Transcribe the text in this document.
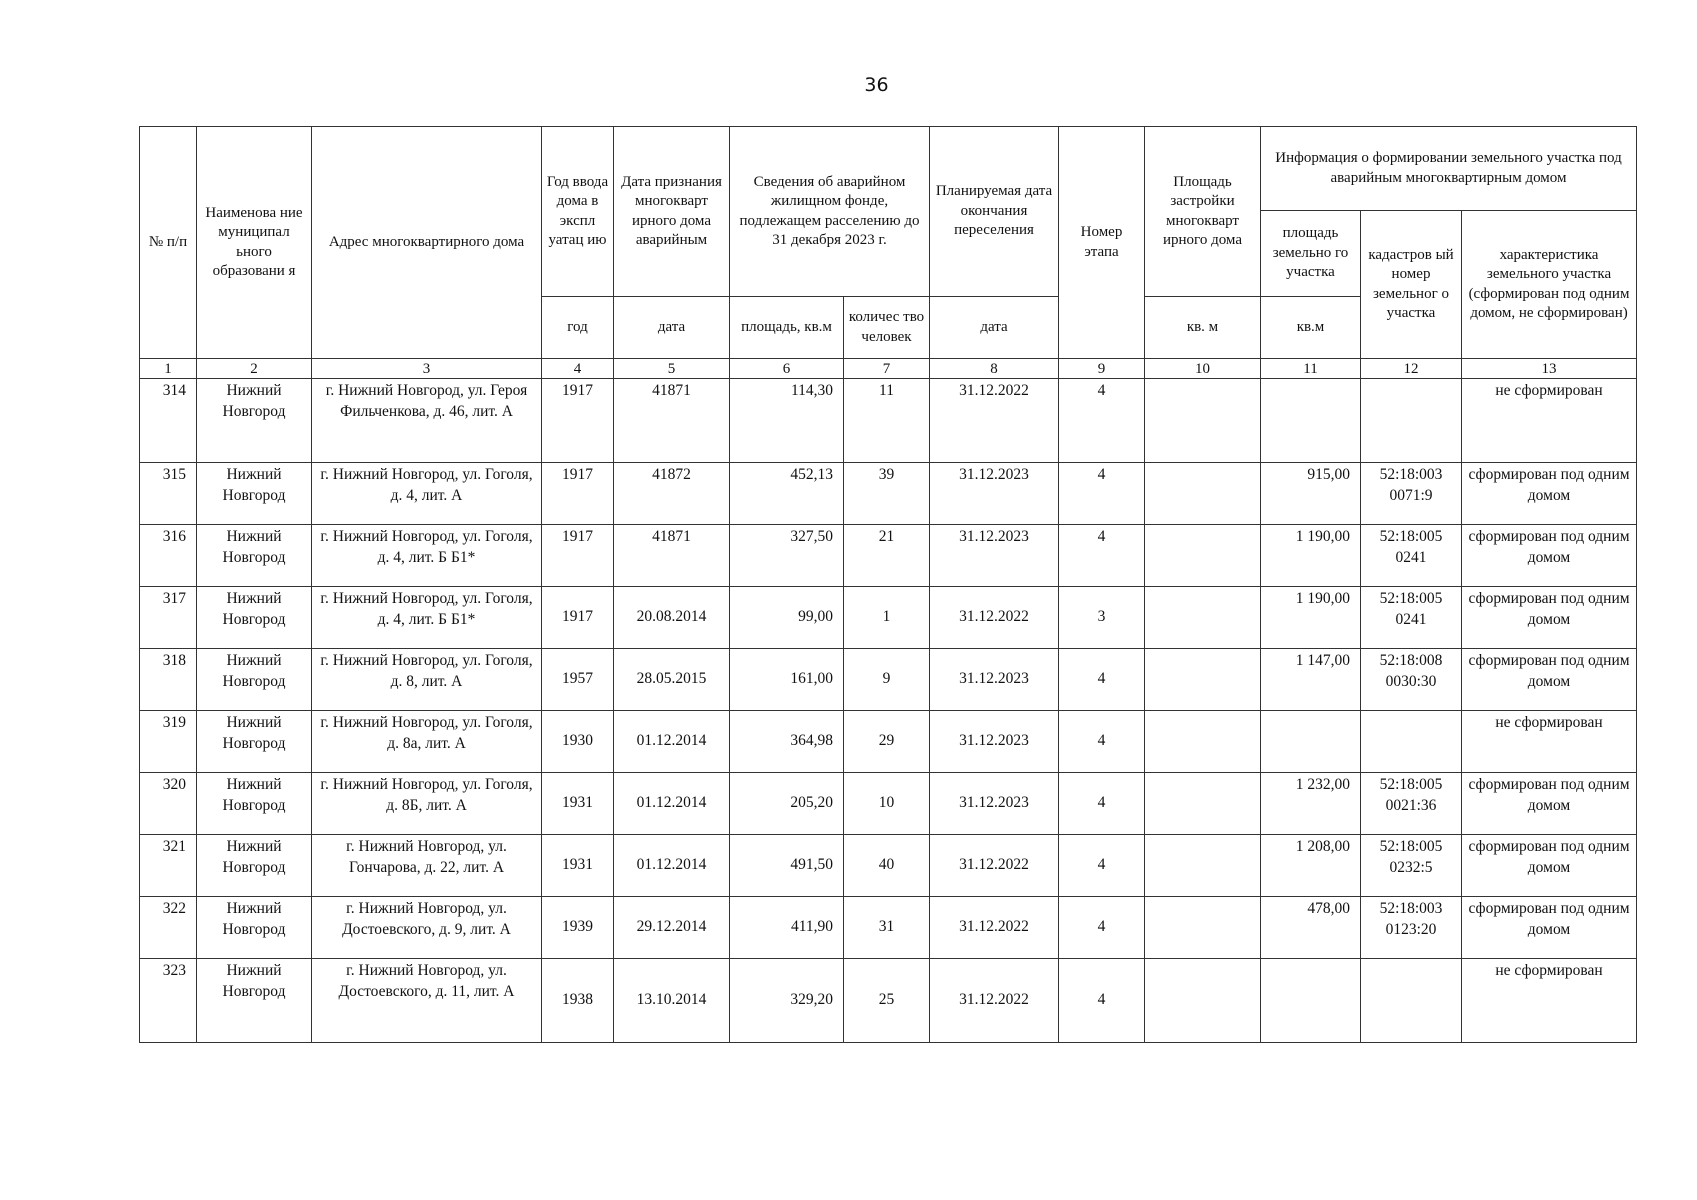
36
№ п/п	Наименова ние муниципал ьного образовани я	Адрес многоквартирного дома	Год ввода дома в экспл уатац ию	Дата признания многокварт ирного дома аварийным	Сведения об аварийном жилищном фонде, подлежащем расселению до 31 декабря 2023 г.		Планируемая дата окончания переселения	Номер этапа	Площадь застройки многокварт ирного дома	Информация о формировании земельного участка под аварийным многоквартирным домом		
										площадь земельно го участка	кадастров ый номер земельног о участка	характеристика земельного участка (сформирован под одним домом, не сформирован)
			год	дата	площадь, кв.м	количес тво человек	дата		кв. м	кв.м		
1	2	3	4	5	6	7	8	9	10	11	12	13
314	Нижний Новгород	г. Нижний Новгород, ул. Героя Фильченкова, д. 46, лит. А	1917	41871	114,30	11	31.12.2022	4				не сформирован
315	Нижний Новгород	г. Нижний Новгород, ул. Гоголя, д. 4, лит. А	1917	41872	452,13	39	31.12.2023	4		915,00	52:18:003 0071:9	сформирован под одним домом
316	Нижний Новгород	г. Нижний Новгород, ул. Гоголя, д. 4, лит. Б Б1*	1917	41871	327,50	21	31.12.2023	4		1 190,00	52:18:005 0241	сформирован под одним домом
317	Нижний Новгород	г. Нижний Новгород, ул. Гоголя, д. 4, лит. Б Б1*	1917	20.08.2014	99,00	1	31.12.2022	3		1 190,00	52:18:005 0241	сформирован под одним домом
318	Нижний Новгород	г. Нижний Новгород, ул. Гоголя, д. 8, лит. А	1957	28.05.2015	161,00	9	31.12.2023	4		1 147,00	52:18:008 0030:30	сформирован под одним домом
319	Нижний Новгород	г. Нижний Новгород, ул. Гоголя, д. 8а, лит. А	1930	01.12.2014	364,98	29	31.12.2023	4				не сформирован
320	Нижний Новгород	г. Нижний Новгород, ул. Гоголя, д. 8Б, лит. А	1931	01.12.2014	205,20	10	31.12.2023	4		1 232,00	52:18:005 0021:36	сформирован под одним домом
321	Нижний Новгород	г. Нижний Новгород, ул. Гончарова, д. 22, лит. А	1931	01.12.2014	491,50	40	31.12.2022	4		1 208,00	52:18:005 0232:5	сформирован под одним домом
322	Нижний Новгород	г. Нижний Новгород, ул. Достоевского, д. 9, лит. А	1939	29.12.2014	411,90	31	31.12.2022	4		478,00	52:18:003 0123:20	сформирован под одним домом
323	Нижний Новгород	г. Нижний Новгород, ул. Достоевского, д. 11, лит. А	1938	13.10.2014	329,20	25	31.12.2022	4				не сформирован
